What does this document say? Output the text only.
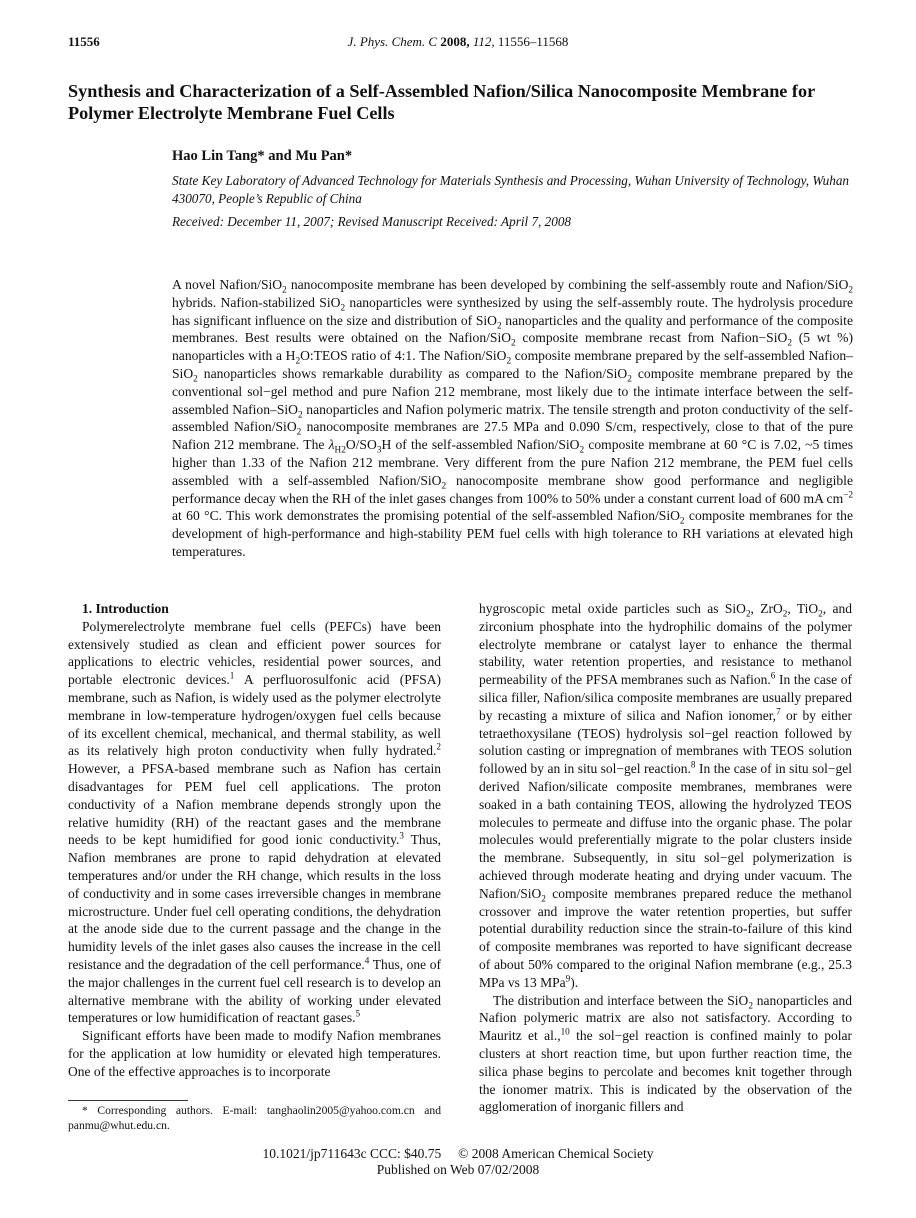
11556	J. Phys. Chem. C 2008, 112, 11556–11568
Synthesis and Characterization of a Self-Assembled Nafion/Silica Nanocomposite Membrane for Polymer Electrolyte Membrane Fuel Cells

Hao Lin Tang* and Mu Pan*

State Key Laboratory of Advanced Technology for Materials Synthesis and Processing, Wuhan University of Technology, Wuhan 430070, People’s Republic of China

Received: December 11, 2007; Revised Manuscript Received: April 7, 2008

A novel Nafion/SiO$_2$ nanocomposite membrane has been developed by combining the self-assembly route and Nafion/SiO$_2$ hybrids. Nafion-stabilized SiO$_2$ nanoparticles were synthesized by using the self-assembly route. The hydrolysis procedure has significant influence on the size and distribution of SiO$_2$ nanoparticles and the quality and performance of the composite membranes. Best results were obtained on the Nafion/SiO$_2$ composite membrane recast from Nafion−SiO$_2$ (5 wt %) nanoparticles with a $H_2O:TEOS$ ratio of 4:1. The Nafion/SiO$_2$ composite membrane prepared by the self-assembled Nafion–SiO$_2$ nanoparticles shows remarkable durability as compared to the Nafion/SiO$_2$ composite membrane prepared by the conventional sol−gel method and pure Nafion 212 membrane, most likely due to the intimate interface between the self-assembled Nafion–SiO$_2$ nanoparticles and Nafion polymeric matrix. The tensile strength and proton conductivity of the self-assembled Nafion/SiO$_2$ nanocomposite membranes are 27.5 MPa and 0.090 S/cm, respectively, close to that of the pure Nafion 212 membrane. The $\lambda_{H2}O/SO_3H$ of the self-assembled Nafion/SiO$_2$ composite membrane at 60 °C is 7.02, ~5 times higher than 1.33 of the Nafion 212 membrane. Very different from the pure Nafion 212 membrane, the PEM fuel cells assembled with a self-assembled Nafion/SiO$_2$ nanocomposite membrane show good performance and negligible performance decay when the RH of the inlet gases changes from 100% to 50% under a constant current load of 600 mA $cm^{-2}$ at 60 °C. This work demonstrates the promising potential of the self-assembled Nafion/SiO$_2$ composite membranes for the development of high-performance and high-stability PEM fuel cells with high tolerance to RH variations at elevated high temperatures.

1. Introduction

Polymerelectrolyte membrane fuel cells (PEFCs) have been extensively studied as clean and efficient power sources for applications to electric vehicles, residential power sources, and portable electronic devices.$^1$ A perfluorosulfonic acid (PFSA) membrane, such as Nafion, is widely used as the polymer electrolyte membrane in low-temperature hydrogen/oxygen fuel cells because of its excellent chemical, mechanical, and thermal stability, as well as its relatively high proton conductivity when fully hydrated.$^2$ However, a PFSA-based membrane such as Nafion has certain disadvantages for PEM fuel cell applications. The proton conductivity of a Nafion membrane depends strongly upon the relative humidity (RH) of the reactant gases and the membrane needs to be kept humidified for good ionic conductivity.$^3$ Thus, Nafion membranes are prone to rapid dehydration at elevated temperatures and/or under the RH change, which results in the loss of conductivity and in some cases irreversible changes in membrane microstructure. Under fuel cell operating conditions, the dehydration at the anode side due to the current passage and the change in the humidity levels of the inlet gases also causes the increase in the cell resistance and the degradation of the cell performance.$^4$ Thus, one of the major challenges in the current fuel cell research is to develop an alternative membrane with the ability of working under elevated temperatures or low humidification of reactant gases.$^5$

Significant efforts have been made to modify Nafion membranes for the application at low humidity or elevated high temperatures. One of the effective approaches is to incorporate

hygroscopic metal oxide particles such as SiO$_2$, ZrO$_2$, TiO$_2$, and zirconium phosphate into the hydrophilic domains of the polymer electrolyte membrane or catalyst layer to enhance the thermal stability, water retention properties, and resistance to methanol permeability of the PFSA membranes such as Nafion.$^6$ In the case of silica filler, Nafion/silica composite membranes are usually prepared by recasting a mixture of silica and Nafion ionomer,$^7$ or by either tetraethoxysilane (TEOS) hydrolysis sol−gel reaction followed by solution casting or impregnation of membranes with TEOS solution followed by an in situ sol−gel reaction.$^8$ In the case of in situ sol−gel derived Nafion/silicate composite membranes, membranes were soaked in a bath containing TEOS, allowing the hydrolyzed TEOS molecules to permeate and diffuse into the organic phase. The polar molecules would preferentially migrate to the polar clusters inside the membrane. Subsequently, in situ sol−gel polymerization is achieved through moderate heating and drying under vacuum. The Nafion/SiO$_2$ composite membranes prepared reduce the methanol crossover and improve the water retention properties, but suffer potential durability reduction since the strain-to-failure of this kind of composite membranes was reported to have significant decrease of about 50% compared to the original Nafion membrane (e.g., 25.3 MPa vs 13 MPa$^9$).

The distribution and interface between the SiO$_2$ nanoparticles and Nafion polymeric matrix are also not satisfactory. According to Mauritz et al.,$^{10}$ the sol−gel reaction is confined mainly to polar clusters at short reaction time, but upon further reaction time, the silica phase begins to percolate and becomes knit together through the ionomer matrix. This is indicated by the observation of the agglomeration of inorganic fillers and

* Corresponding authors. E-mail: tanghaolin2005@yahoo.com.cn and panmu@whut.edu.cn.

10.1021/jp711643c CCC: $40.75     © 2008 American Chemical Society
Published on Web 07/02/2008
